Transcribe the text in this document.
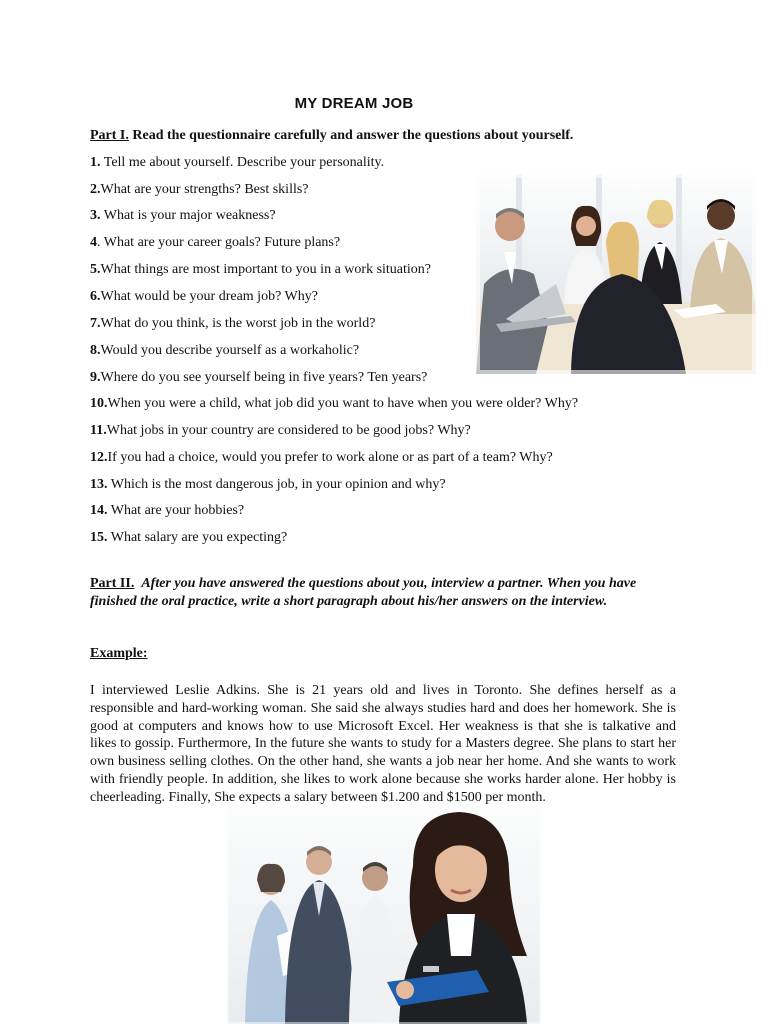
MY DREAM JOB
Part I. Read the questionnaire carefully and answer the questions about yourself.
1. Tell me about yourself. Describe your personality.
2.What are your strengths? Best skills?
3. What is your major weakness?
4. What are your career goals? Future plans?
5.What things are most important to you in a work situation?
6.What would be your dream job? Why?
7.What do you think, is the worst job in the world?
8.Would you describe yourself as a workaholic?
9.Where do you see yourself being in five years? Ten years?
10.When you were a child, what job did you want to have when you were older? Why?
11.What jobs in your country are considered to be good jobs? Why?
12.If you had a choice, would you prefer to work alone or as part of a team? Why?
13. Which is the most dangerous job, in your opinion and why?
14. What are your hobbies?
15. What salary are you expecting?
Part II. After you have answered the questions about you, interview a partner. When you have finished the oral practice, write a short paragraph about his/her answers on the interview.
Example:
I interviewed Leslie Adkins. She is 21 years old and lives in Toronto. She defines herself as a responsible and hard-working woman. She said she always studies hard and does her homework. She is good at computers and knows how to use Microsoft Excel. Her weakness is that she is talkative and likes to gossip. Furthermore, In the future she wants to study for a Masters degree. She plans to start her own business selling clothes. On the other hand, she wants a job near her home. And she wants to work with friendly people. In addition, she likes to work alone because she works harder alone. Her hobby is cheerleading. Finally, She expects a salary between $1.200 and $1500 per month.
